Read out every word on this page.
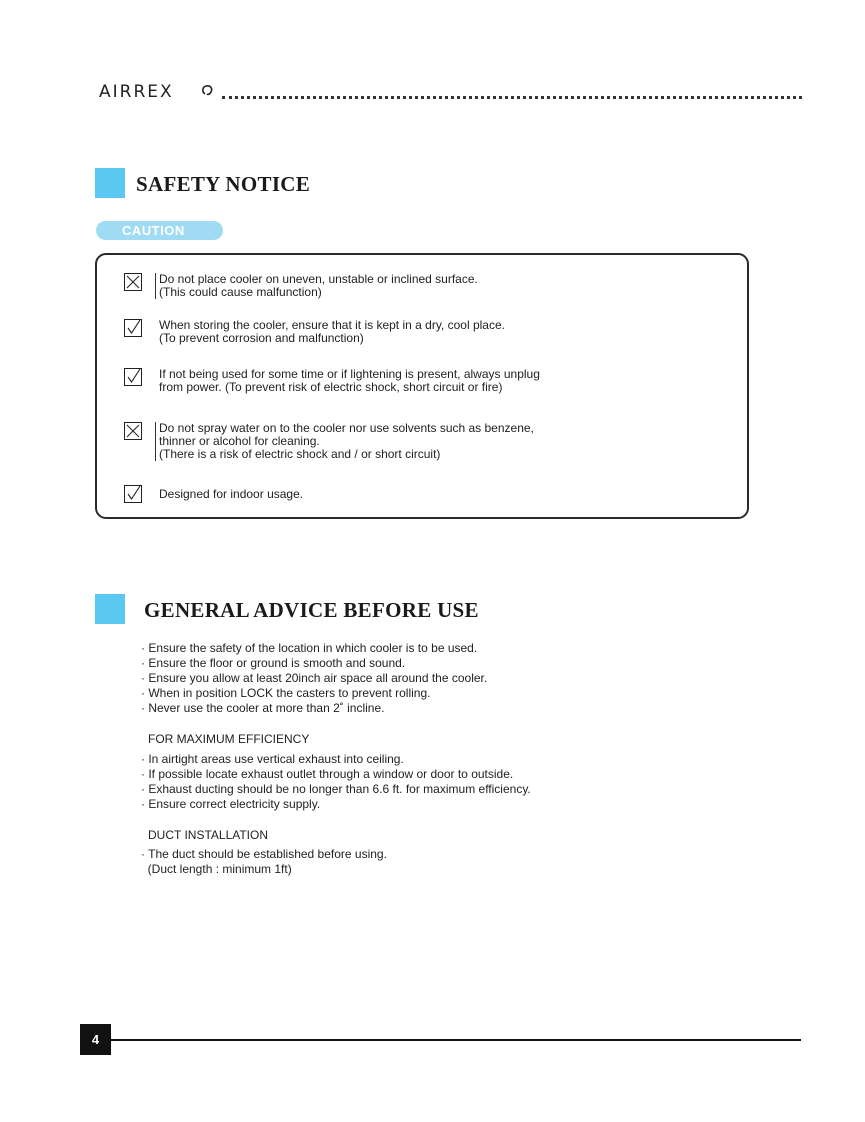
AIRREX
SAFETY NOTICE
CAUTION
Do not place cooler on uneven, unstable or inclined surface.
(This could cause malfunction)
When storing the cooler, ensure that it is kept in a dry, cool place.
(To prevent corrosion and malfunction)
If not being used for some time or if lightening is present, always unplug
from power. (To prevent risk of electric shock, short circuit or fire)
Do not spray water on to the cooler nor use solvents such as benzene,
thinner or alcohol for cleaning.
(There is a risk of electric shock and / or short circuit)
Designed for indoor usage.
GENERAL ADVICE BEFORE USE
· Ensure the safety of the location in which cooler is to be used.
· Ensure the floor or ground is smooth and sound.
· Ensure you allow at least 20inch air space all around the cooler.
· When in position LOCK the casters to prevent rolling.
· Never use the cooler at more than 2˚ incline.
FOR MAXIMUM EFFICIENCY
· In airtight areas use vertical exhaust into ceiling.
· If possible locate exhaust outlet through a window or door to outside.
· Exhaust ducting should be no longer than 6.6 ft. for maximum efficiency.
· Ensure correct electricity supply.
DUCT INSTALLATION
· The duct should be established before using.
(Duct length : minimum 1ft)
4
